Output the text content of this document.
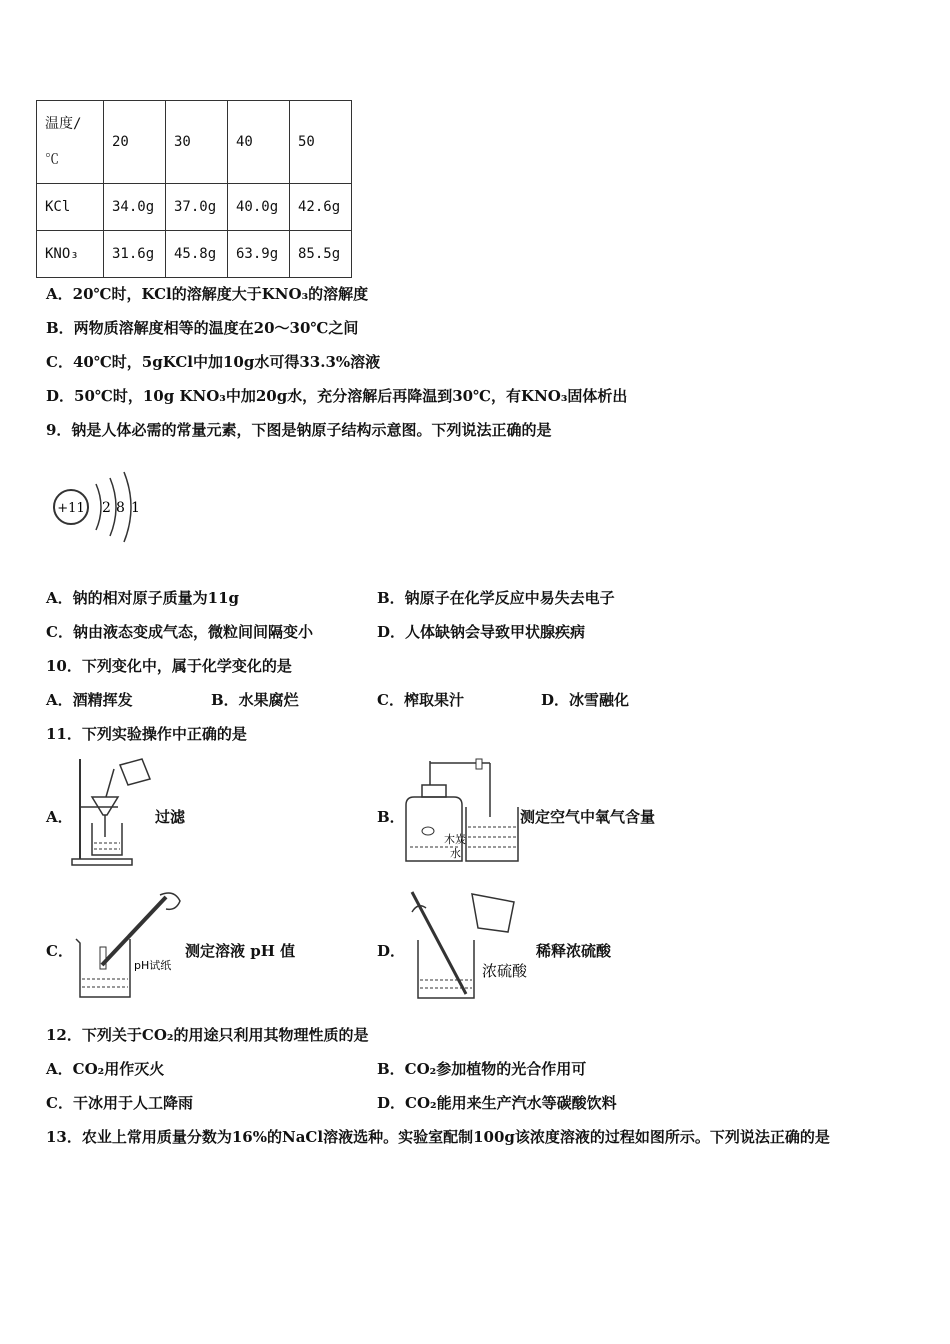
温度/℃	20	30	40	50
KCl	34.0g	37.0g	40.0g	42.6g
KNO₃	31.6g	45.8g	63.9g	85.5g
A．20℃时，KCl的溶解度大于KNO₃的溶解度
B．两物质溶解度相等的温度在20～30℃之间
C．40℃时，5gKCl中加10g水可得33.3%溶液
D．50℃时，10g KNO₃中加20g水，充分溶解后再降温到30℃，有KNO₃固体析出
9．钠是人体必需的常量元素，下图是钠原子结构示意图。下列说法正确的是
+11 2 8 1
A．钠的相对原子质量为11g	B．钠原子在化学反应中易失去电子
C．钠由液态变成气态，微粒间间隔变小	D．人体缺钠会导致甲状腺疾病
10．下列变化中，属于化学变化的是
A．酒精挥发	B．水果腐烂	C．榨取果汁	D．冰雪融化
11．下列实验操作中正确的是
A．	过滤	B．
木炭
水
测定空气中氧气含量
C．
pH试纸
测定溶液 pH 值	D．
浓硫酸
稀释浓硫酸
12．下列关于CO₂的用途只利用其物理性质的是
A．CO₂用作灭火	B．CO₂参加植物的光合作用可
C．干冰用于人工降雨	D．CO₂能用来生产汽水等碳酸饮料
13．农业上常用质量分数为16%的NaCl溶液选种。实验室配制100g该浓度溶液的过程如图所示。下列说法正确的是
